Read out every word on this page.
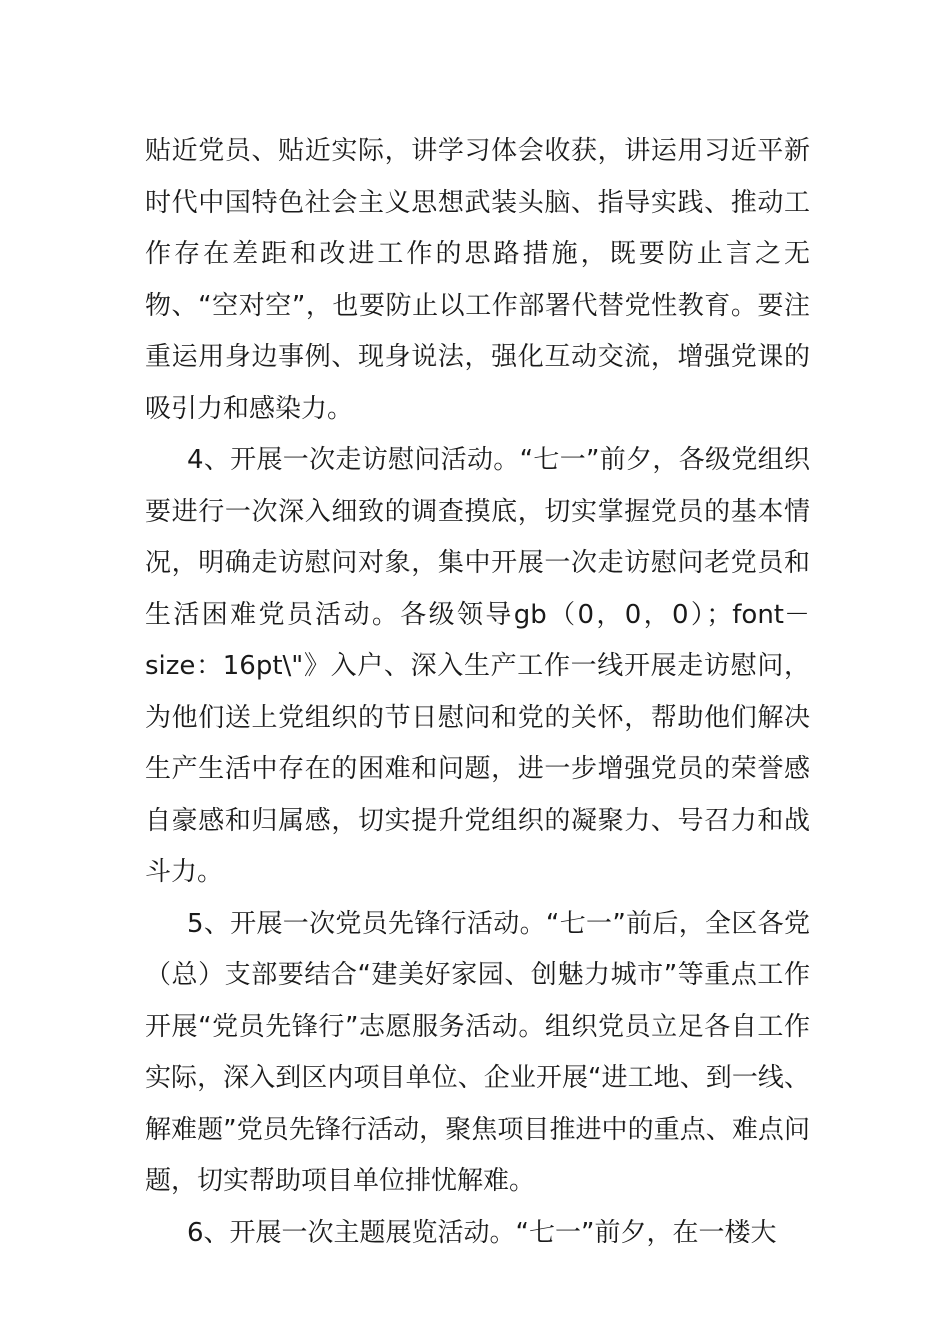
贴近党员、贴近实际，讲学习体会收获，讲运用习近平新时代中国特色社会主义思想武装头脑、指导实践、推动工作存在差距和改进工作的思路措施，既要防止言之无物、“空对空”，也要防止以工作部署代替党性教育。要注重运用身边事例、现身说法，强化互动交流，增强党课的吸引力和感染力。

4、开展一次走访慰问活动。“七一”前夕，各级党组织要进行一次深入细致的调查摸底，切实掌握党员的基本情况，明确走访慰问对象，集中开展一次走访慰问老党员和生活困难党员活动。各级领导gb（0，0，0）；font－size：16pt\"》入户、深入生产工作一线开展走访慰问，为他们送上党组织的节日慰问和党的关怀，帮助他们解决生产生活中存在的困难和问题，进一步增强党员的荣誉感自豪感和归属感，切实提升党组织的凝聚力、号召力和战斗力。

5、开展一次党员先锋行活动。“七一”前后，全区各党（总）支部要结合“建美好家园、创魅力城市”等重点工作开展“党员先锋行”志愿服务活动。组织党员立足各自工作实际，深入到区内项目单位、企业开展“进工地、到一线、解难题”党员先锋行活动，聚焦项目推进中的重点、难点问题，切实帮助项目单位排忧解难。

6、开展一次主题展览活动。“七一”前夕，在一楼大
